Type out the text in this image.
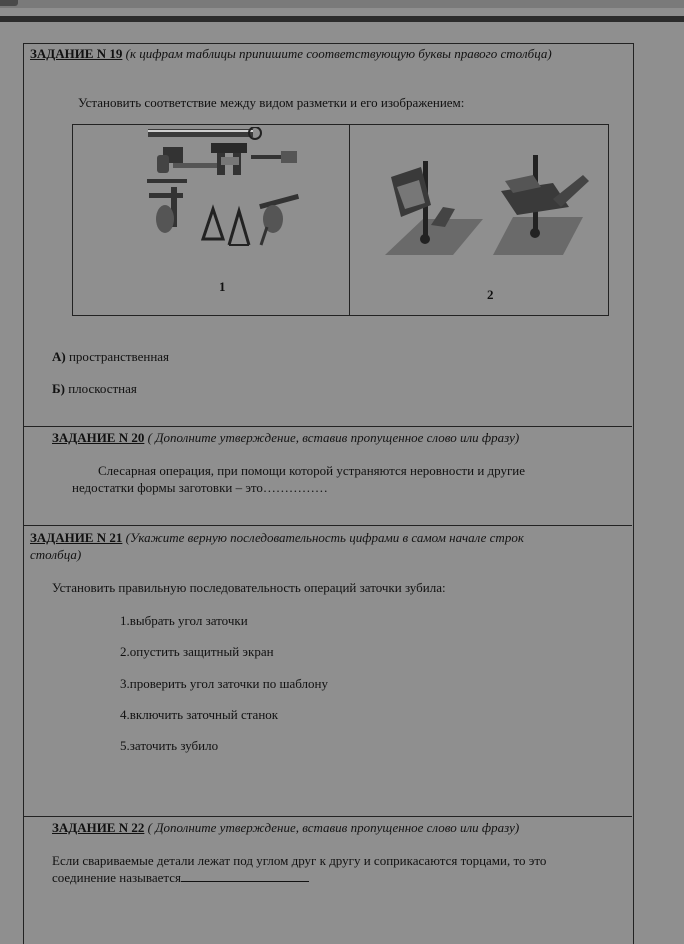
ЗАДАНИЕ N 19 (к цифрам таблицы припишите соответствующую буквы правого столбца)
Установить соответствие между видом разметки и его изображением:
1
2
А) пространственная
Б) плоскостная
ЗАДАНИЕ N 20 ( Дополните утверждение, вставив пропущенное слово или фразу)
Слесарная операция, при помощи которой устраняются неровности и другие
недостатки формы заготовки – это……………
ЗАДАНИЕ N 21 (Укажите верную последовательность цифрами в самом начале строк
столбца)
Установить правильную последовательность операций заточки зубила:
1.выбрать угол заточки
2.опустить защитный экран
3.проверить угол заточки по шаблону
4.включить заточный станок
5.заточить зубило
ЗАДАНИЕ N 22 ( Дополните утверждение, вставив пропущенное слово или фразу)
Если свариваемые детали лежат под углом друг к другу и соприкасаются торцами, то это
соединение называется
